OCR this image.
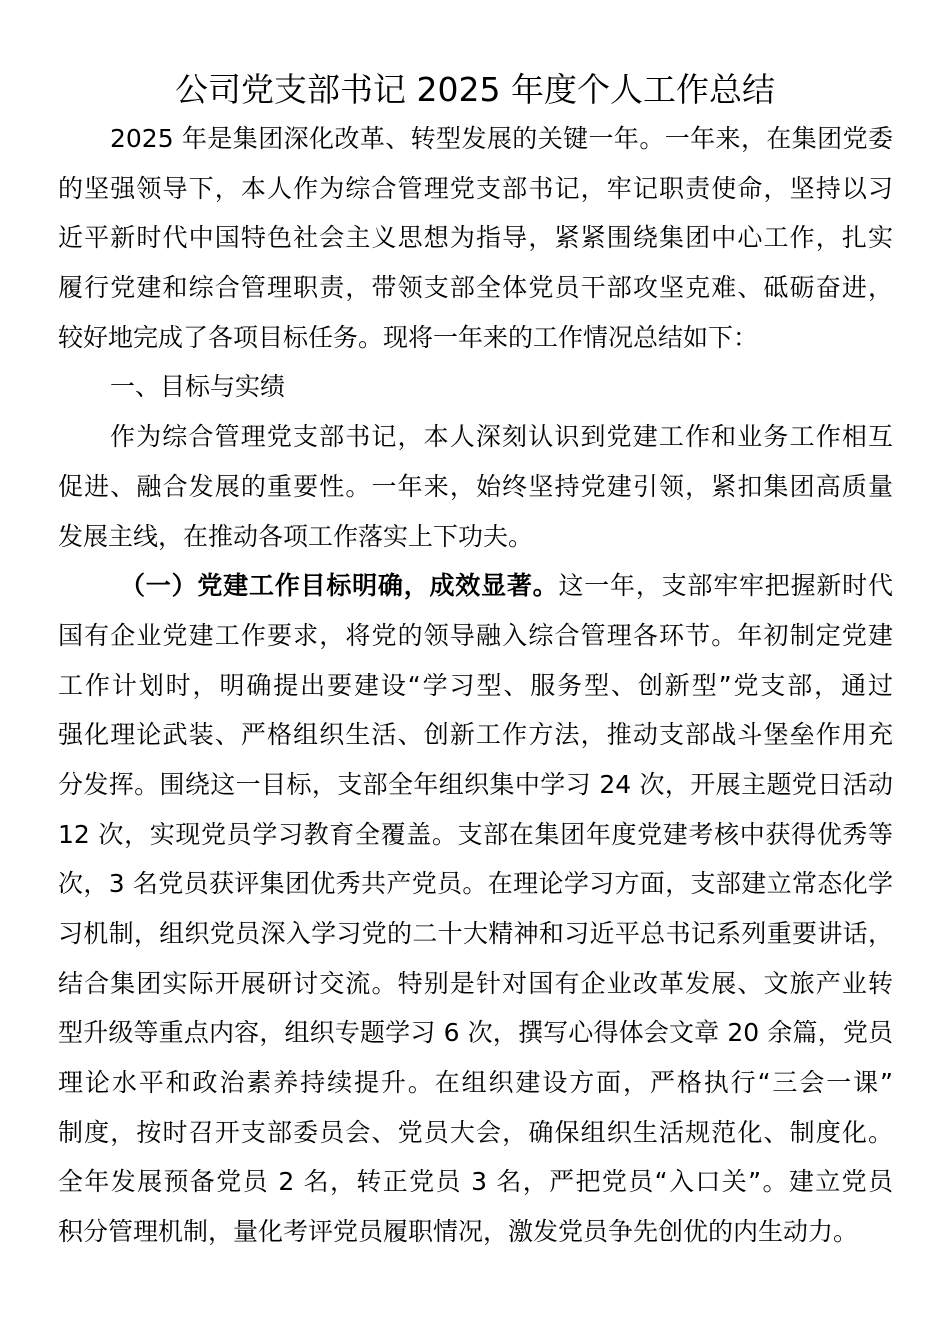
公司党支部书记 2025 年度个人工作总结
2025 年是集团深化改革、转型发展的关键一年。一年来，在集团党委
的坚强领导下，本人作为综合管理党支部书记，牢记职责使命，坚持以习
近平新时代中国特色社会主义思想为指导，紧紧围绕集团中心工作，扎实
履行党建和综合管理职责，带领支部全体党员干部攻坚克难、砥砺奋进，
较好地完成了各项目标任务。现将一年来的工作情况总结如下：
一、目标与实绩
作为综合管理党支部书记，本人深刻认识到党建工作和业务工作相互
促进、融合发展的重要性。一年来，始终坚持党建引领，紧扣集团高质量
发展主线，在推动各项工作落实上下功夫。
（一）党建工作目标明确，成效显著。这一年，支部牢牢把握新时代
国有企业党建工作要求，将党的领导融入综合管理各环节。年初制定党建
工作计划时，明确提出要建设“学习型、服务型、创新型”党支部，通过
强化理论武装、严格组织生活、创新工作方法，推动支部战斗堡垒作用充
分发挥。围绕这一目标，支部全年组织集中学习 24 次，开展主题党日活动
12 次，实现党员学习教育全覆盖。支部在集团年度党建考核中获得优秀等
次，3 名党员获评集团优秀共产党员。在理论学习方面，支部建立常态化学
习机制，组织党员深入学习党的二十大精神和习近平总书记系列重要讲话，
结合集团实际开展研讨交流。特别是针对国有企业改革发展、文旅产业转
型升级等重点内容，组织专题学习 6 次，撰写心得体会文章 20 余篇，党员
理论水平和政治素养持续提升。在组织建设方面，严格执行“三会一课”
制度，按时召开支部委员会、党员大会，确保组织生活规范化、制度化。
全年发展预备党员 2 名，转正党员 3 名，严把党员“入口关”。建立党员
积分管理机制，量化考评党员履职情况，激发党员争先创优的内生动力。
